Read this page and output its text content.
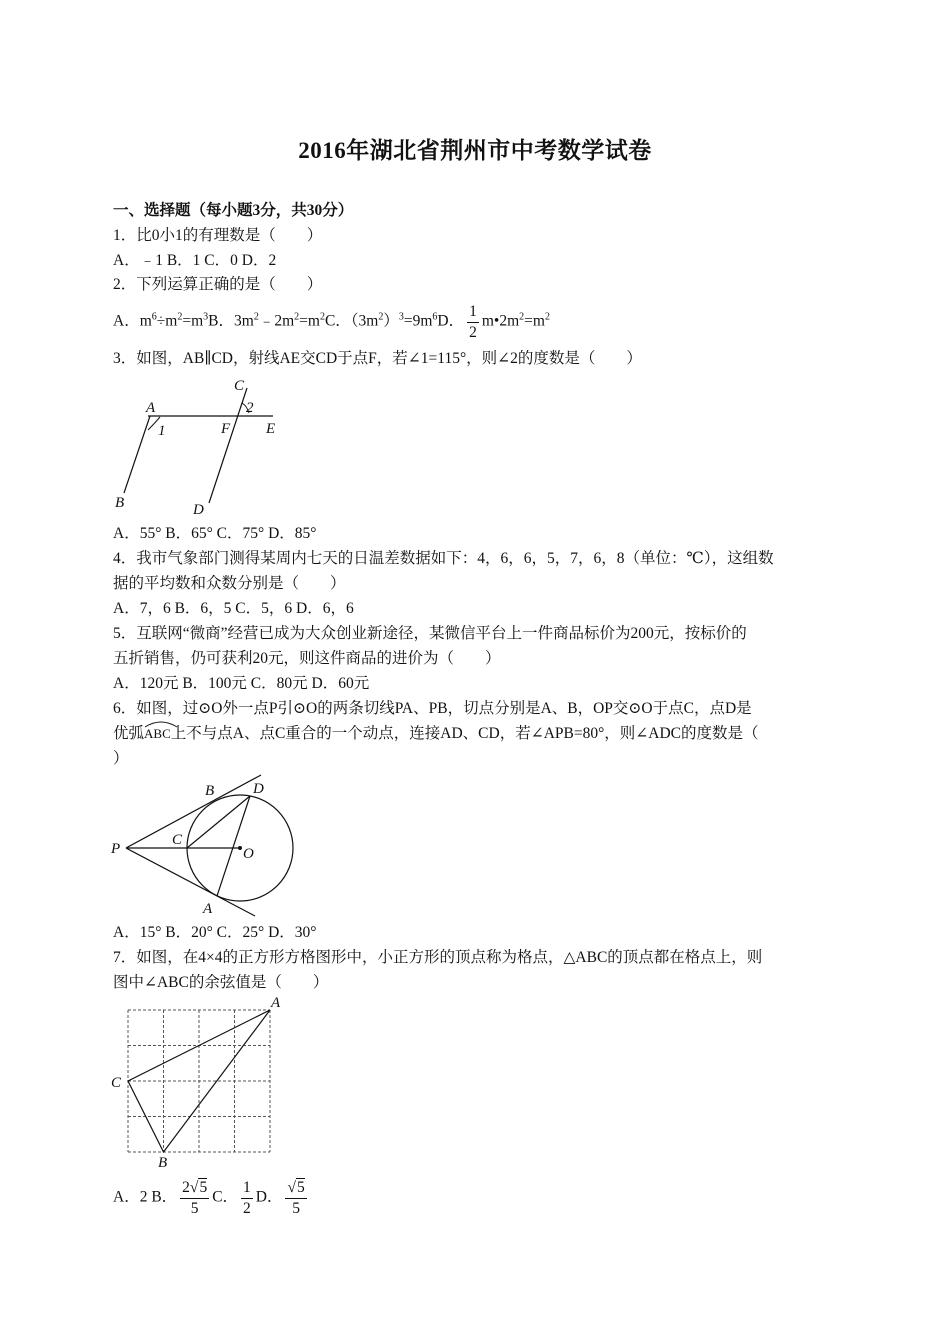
2016年湖北省荆州市中考数学试卷
一、选择题（每小题3分，共30分）
1．比0小1的有理数是（　　）
A．﹣1 B．1 C．0 D．2
2．下列运算正确的是（　　）
A．$m^6\div m^2=m^3B$．$3m^2﹣2m^2=m^2C$．$(3m^2)^3=9m^6D$． $\frac{1}{2}$ $m•2m^2=m^2$
3．如图，AB∥CD，射线AE交CD于点F，若∠1=115°，则∠2的度数是（　　）
A
B
C
D
E
F
1
2
A．55° B．65° C．75° D．85°
4．我市气象部门测得某周内七天的日温差数据如下：4，6，6，5，7，6，8（单位：℃），这组数
据的平均数和众数分别是（　　）
A．7，6 B．6，5 C．5，6 D．6，6
5．互联网“微商”经营已成为大众创业新途径，某微信平台上一件商品标价为200元，按标价的
五折销售，仍可获利20元，则这件商品的进价为（　　）
A．120元 B．100元 C．80元 D．60元
6．如图，过⊙O外一点P引⊙O的两条切线PA、PB，切点分别是A、B，OP交⊙O于点C，点D是
优弧
ABC上不与点A、点C重合的一个动点，连接AD、CD，若∠APB=80°，则∠ADC的度数是（
）
P
B	D
C
O
A
A．15° B．20° C．25° D．30°
7．如图，在4×4的正方形方格图形中，小正方形的顶点称为格点，△ABC的顶点都在格点上，则
图中∠ABC的余弦值是（　　）
A
C
B
A．2 B． $\frac{2√5}{5}$ C． $\frac{1}{2}$ D． $\frac{√5}{5}$
